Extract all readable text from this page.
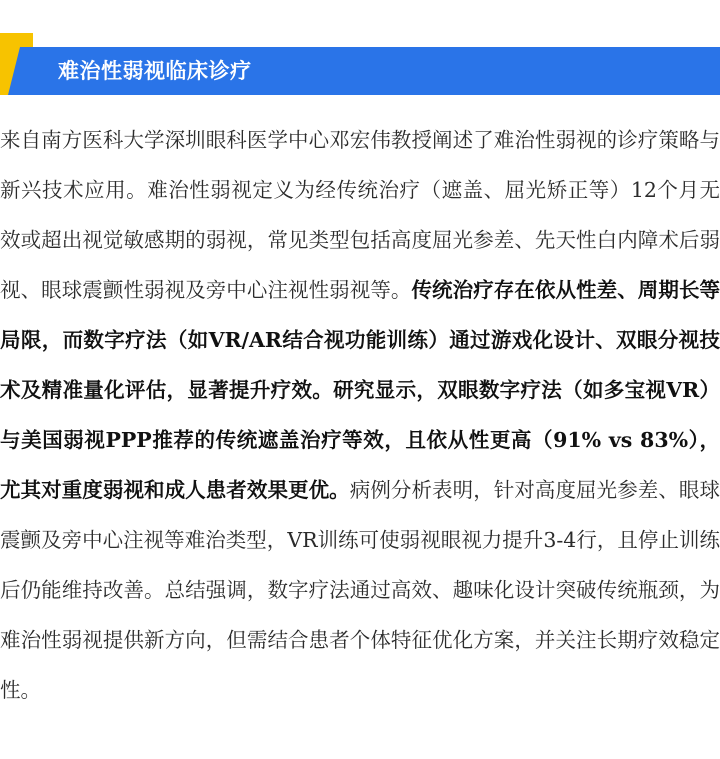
难治性弱视临床诊疗

来自南方医科大学深圳眼科医学中心邓宏伟教授阐述了难治性弱视的诊疗策略与新兴技术应用。难治性弱视定义为经传统治疗（遮盖、屈光矫正等）12个月无效或超出视觉敏感期的弱视，常见类型包括高度屈光参差、先天性白内障术后弱视、眼球震颤性弱视及旁中心注视性弱视等。传统治疗存在依从性差、周期长等局限，而数字疗法（如VR/AR结合视功能训练）通过游戏化设计、双眼分视技术及精准量化评估，显著提升疗效。研究显示，双眼数字疗法（如多宝视VR）与美国弱视PPP推荐的传统遮盖治疗等效，且依从性更高（91% vs 83%），尤其对重度弱视和成人患者效果更优。病例分析表明，针对高度屈光参差、眼球震颤及旁中心注视等难治类型，VR训练可使弱视眼视力提升3-4行，且停止训练后仍能维持改善。总结强调，数字疗法通过高效、趣味化设计突破传统瓶颈，为难治性弱视提供新方向，但需结合患者个体特征优化方案，并关注长期疗效稳定性。
